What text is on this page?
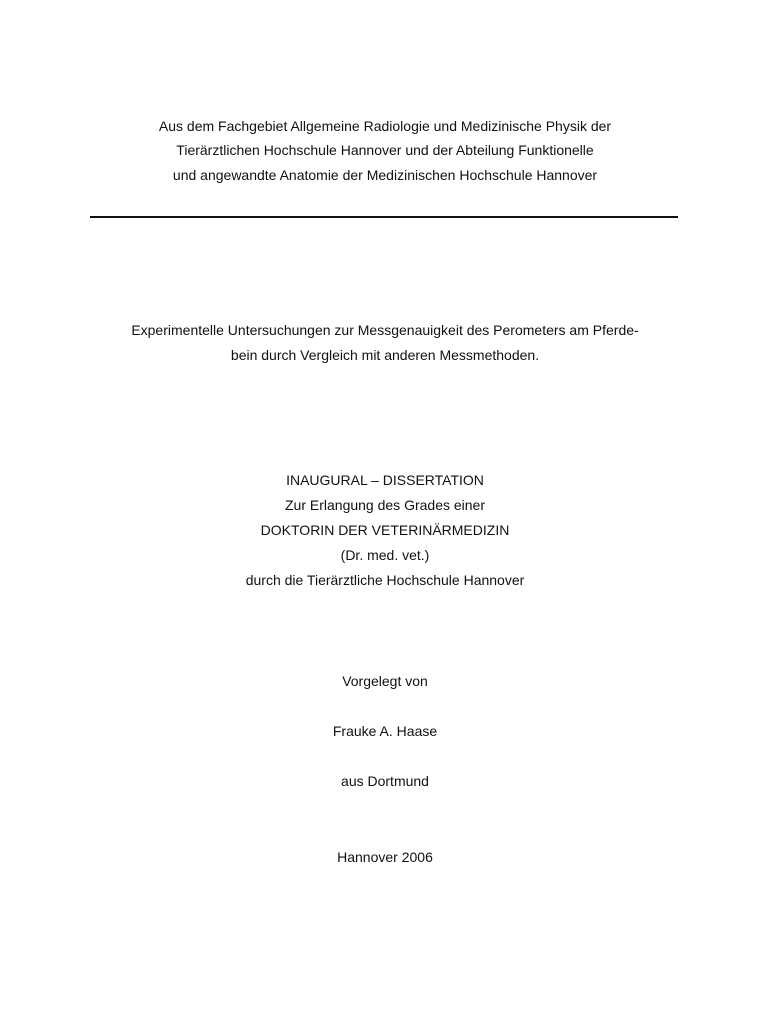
Aus dem Fachgebiet Allgemeine Radiologie und Medizinische Physik der
Tierärztlichen Hochschule Hannover und der Abteilung Funktionelle
und angewandte Anatomie der Medizinischen Hochschule Hannover
Experimentelle Untersuchungen zur Messgenauigkeit des Perometers am Pferde-
bein durch Vergleich mit anderen Messmethoden.
INAUGURAL – DISSERTATION
Zur Erlangung des Grades einer
DOKTORIN DER VETERINÄRMEDIZIN
(Dr. med. vet.)
durch die Tierärztliche Hochschule Hannover
Vorgelegt von
Frauke A. Haase
aus Dortmund
Hannover 2006
